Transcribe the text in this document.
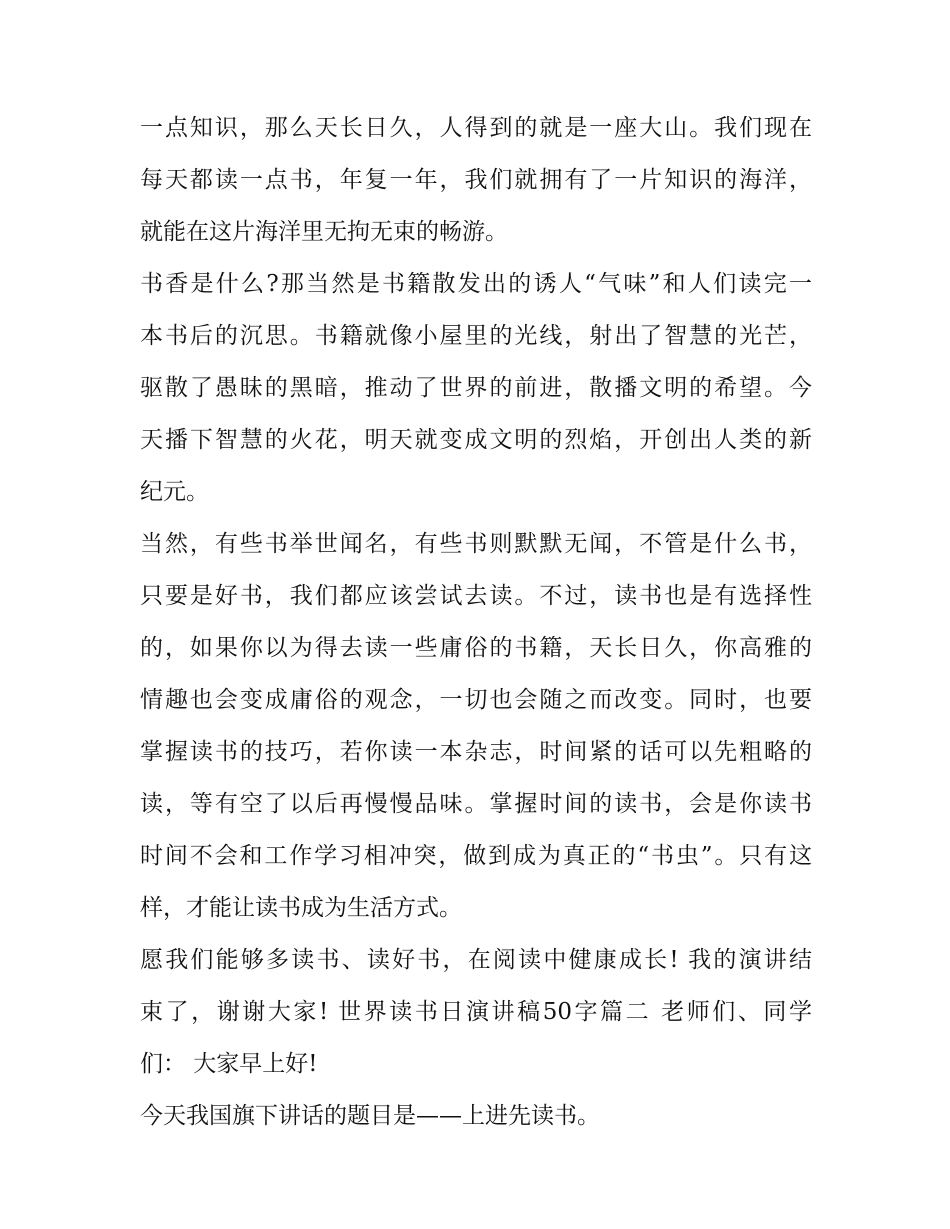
一点知识，那么天长日久，人得到的就是一座大山。我们现在
每天都读一点书，年复一年，我们就拥有了一片知识的海洋，
就能在这片海洋里无拘无束的畅游。
书香是什么?那当然是书籍散发出的诱人“气味”和人们读完一
本书后的沉思。书籍就像小屋里的光线，射出了智慧的光芒，
驱散了愚昧的黑暗，推动了世界的前进，散播文明的希望。今
天播下智慧的火花，明天就变成文明的烈焰，开创出人类的新
纪元。
当然，有些书举世闻名，有些书则默默无闻，不管是什么书，
只要是好书，我们都应该尝试去读。不过，读书也是有选择性
的，如果你以为得去读一些庸俗的书籍，天长日久，你高雅的
情趣也会变成庸俗的观念，一切也会随之而改变。同时，也要
掌握读书的技巧，若你读一本杂志，时间紧的话可以先粗略的
读，等有空了以后再慢慢品味。掌握时间的读书，会是你读书
时间不会和工作学习相冲突，做到成为真正的“书虫”。只有这
样，才能让读书成为生活方式。
愿我们能够多读书、读好书，在阅读中健康成长! 我的演讲结
束了，谢谢大家! 世界读书日演讲稿50字篇二 老师们、同学
们： 大家早上好!
今天我国旗下讲话的题目是——上进先读书。
